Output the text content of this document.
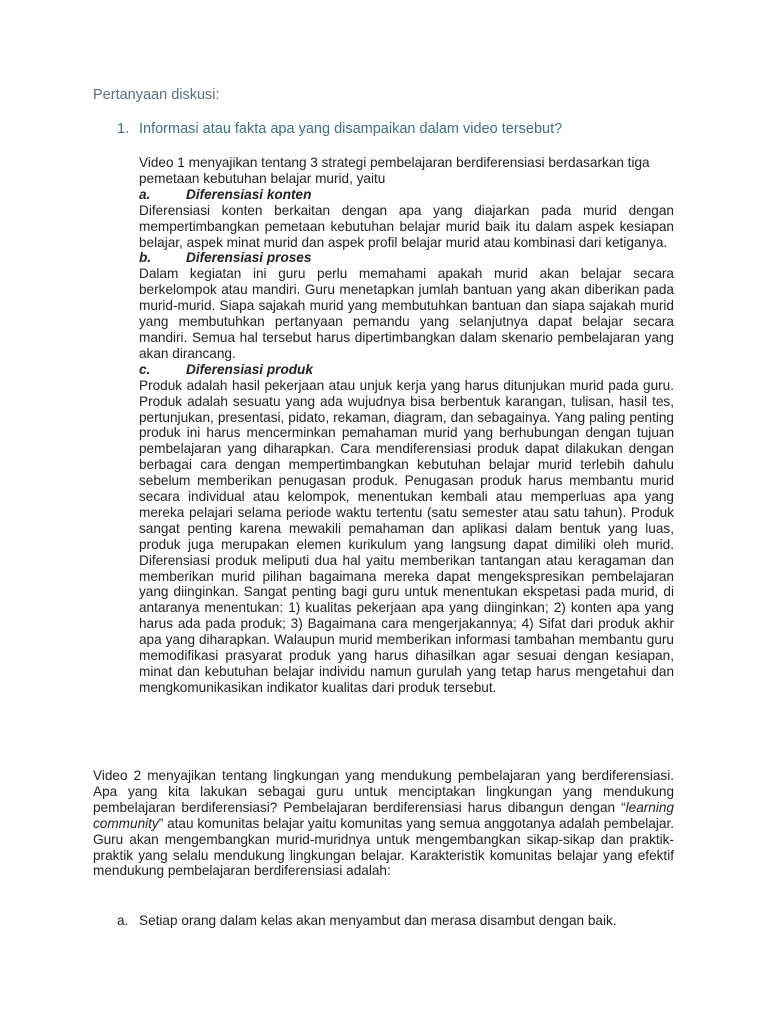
Pertanyaan diskusi:
1. Informasi atau fakta apa yang disampaikan dalam video tersebut?

Video 1 menyajikan tentang 3 strategi pembelajaran berdiferensiasi berdasarkan tiga pemetaan kebutuhan belajar murid, yaitu

a.	Diferensiasi konten

Diferensiasi konten berkaitan dengan apa yang diajarkan pada murid dengan mempertimbangkan pemetaan kebutuhan belajar murid baik itu dalam aspek kesiapan belajar, aspek minat murid dan aspek profil belajar murid atau kombinasi dari ketiganya.

b.	Diferensiasi proses

Dalam kegiatan ini guru perlu memahami apakah murid akan belajar secara berkelompok atau mandiri. Guru menetapkan jumlah bantuan yang akan diberikan pada murid-murid. Siapa sajakah murid yang membutuhkan bantuan dan siapa sajakah murid yang membutuhkan pertanyaan pemandu yang selanjutnya dapat belajar secara mandiri. Semua hal tersebut harus dipertimbangkan dalam skenario pembelajaran yang akan dirancang.

c.	Diferensiasi produk

Produk adalah hasil pekerjaan atau unjuk kerja yang harus ditunjukan murid pada guru. Produk adalah sesuatu yang ada wujudnya bisa berbentuk karangan, tulisan, hasil tes, pertunjukan, presentasi, pidato, rekaman, diagram, dan sebagainya. Yang paling penting produk ini harus mencerminkan pemahaman murid yang berhubungan dengan tujuan pembelajaran yang diharapkan. Cara mendiferensiasi produk dapat dilakukan dengan berbagai cara dengan mempertimbangkan kebutuhan belajar murid terlebih dahulu sebelum memberikan penugasan produk. Penugasan produk harus membantu murid secara individual atau kelompok, menentukan kembali atau memperluas apa yang mereka pelajari selama periode waktu tertentu (satu semester atau satu tahun). Produk sangat penting karena mewakili pemahaman dan aplikasi dalam bentuk yang luas, produk juga merupakan elemen kurikulum yang langsung dapat dimiliki oleh murid. Diferensiasi produk meliputi dua hal yaitu memberikan tantangan atau keragaman dan memberikan murid pilihan bagaimana mereka dapat mengekspresikan pembelajaran yang diinginkan. Sangat penting bagi guru untuk menentukan ekspetasi pada murid, di antaranya menentukan: 1) kualitas pekerjaan apa yang diinginkan; 2) konten apa yang harus ada pada produk; 3) Bagaimana cara mengerjakannya; 4) Sifat dari produk akhir apa yang diharapkan. Walaupun murid memberikan informasi tambahan membantu guru memodifikasi prasyarat produk yang harus dihasilkan agar sesuai dengan kesiapan, minat dan kebutuhan belajar individu namun gurulah yang tetap harus mengetahui dan mengkomunikasikan indikator kualitas dari produk tersebut.

Video 2 menyajikan tentang lingkungan yang mendukung pembelajaran yang berdiferensiasi. Apa yang kita lakukan sebagai guru untuk menciptakan lingkungan yang mendukung pembelajaran berdiferensiasi? Pembelajaran berdiferensiasi harus dibangun dengan “learning community” atau komunitas belajar yaitu komunitas yang semua anggotanya adalah pembelajar. Guru akan mengembangkan murid-muridnya untuk mengembangkan sikap-sikap dan praktik-praktik yang selalu mendukung lingkungan belajar. Karakteristik komunitas belajar yang efektif mendukung pembelajaran berdiferensiasi adalah:

a. Setiap orang dalam kelas akan menyambut dan merasa disambut dengan baik.
